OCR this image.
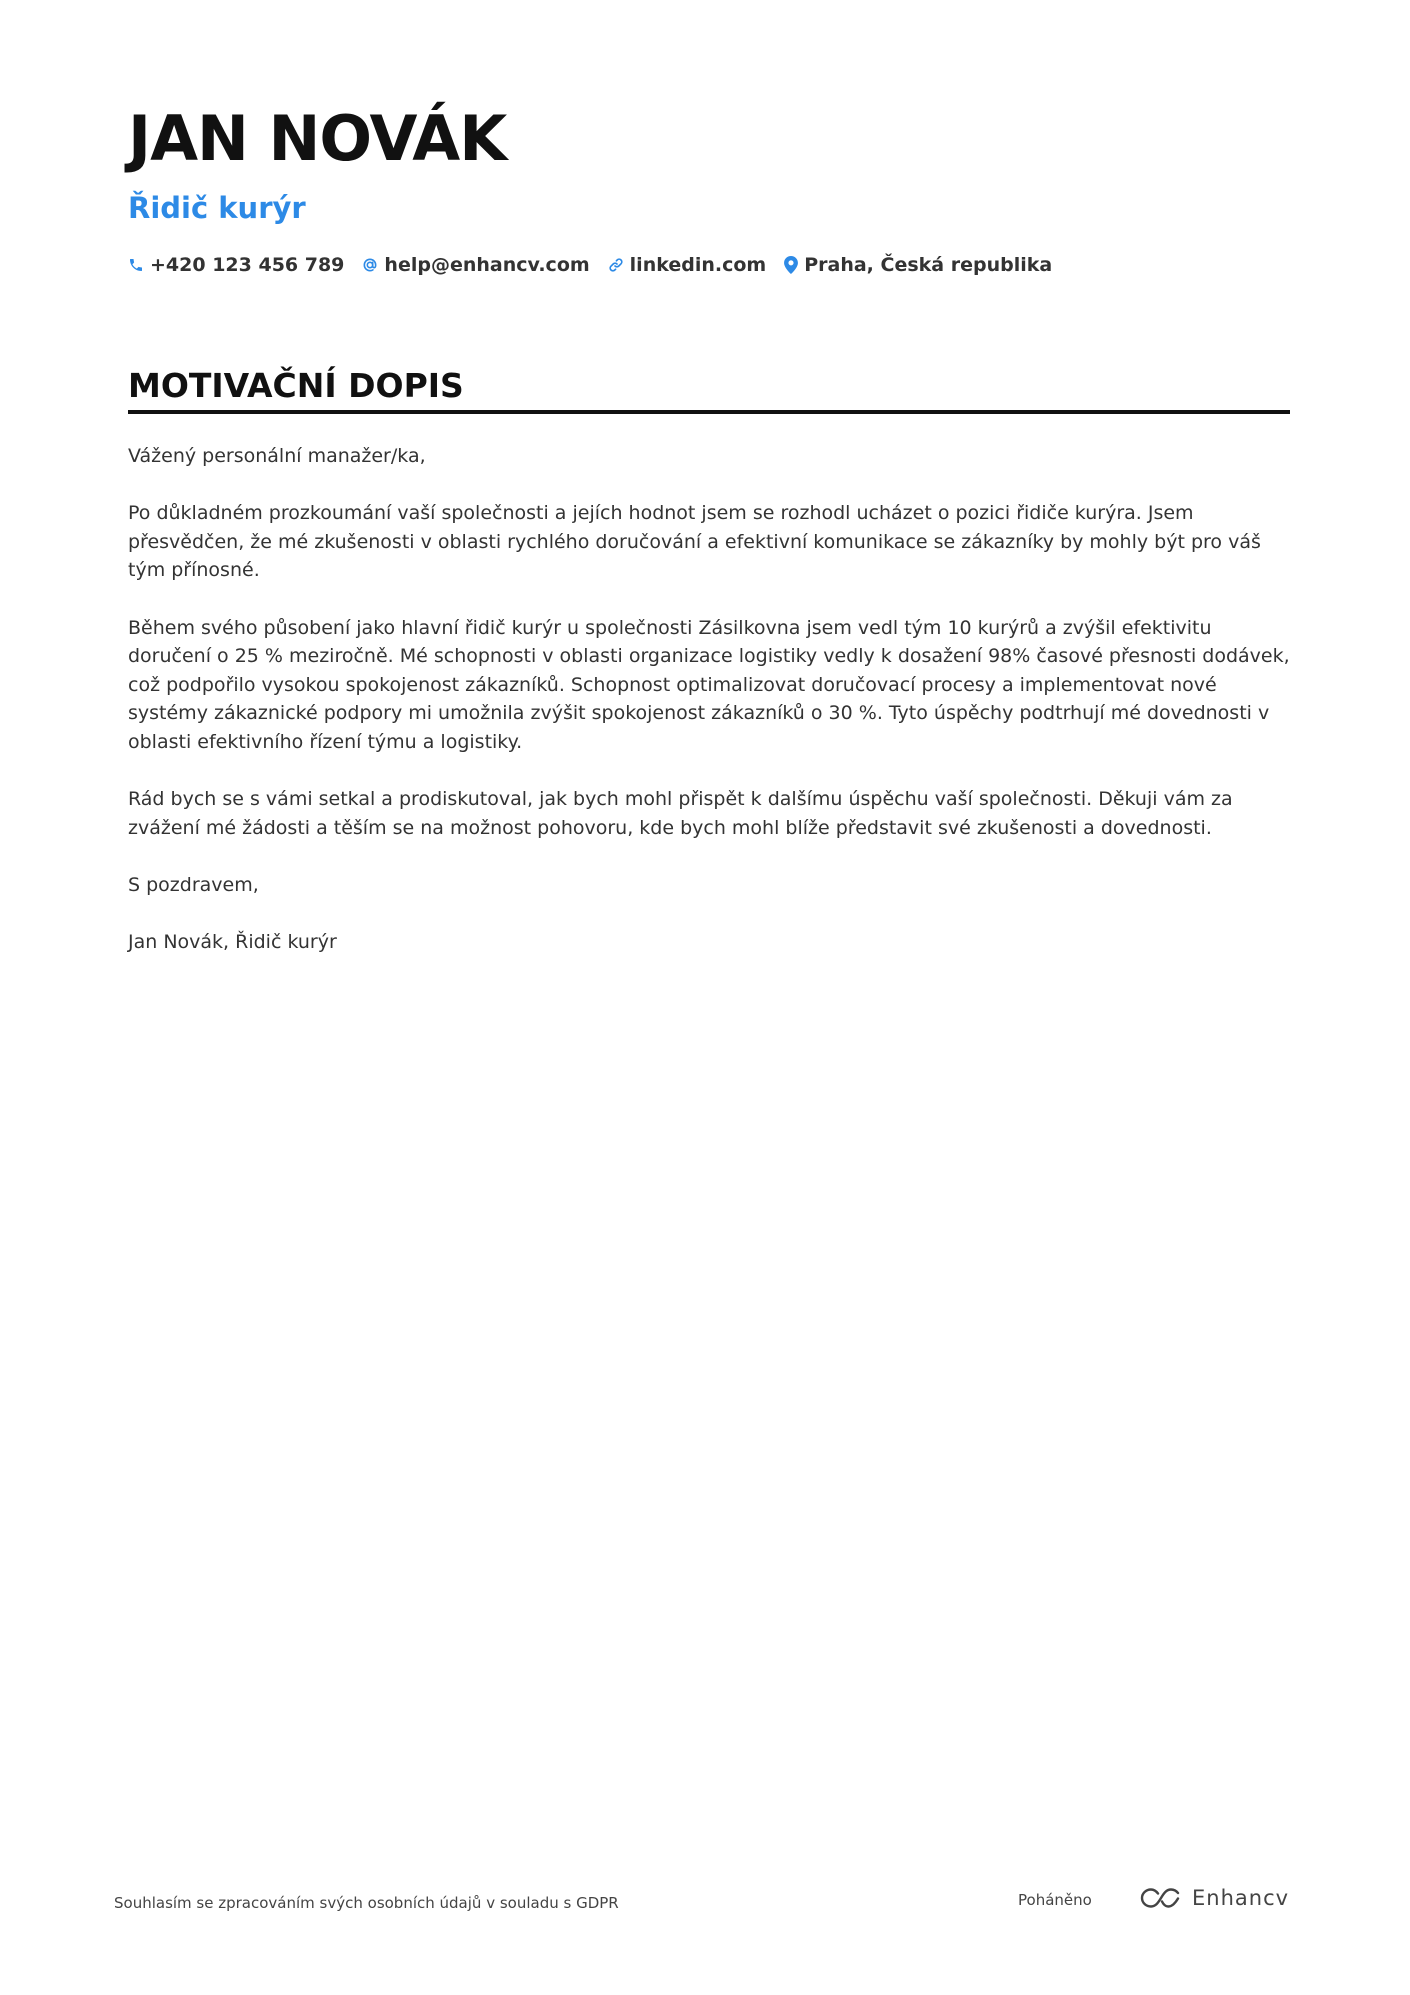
JAN NOVÁK
Řidič kurýr
+420 123 456 789 help@enhancv.com linkedin.com Praha, Česká republika
MOTIVAČNÍ DOPIS

Vážený personální manažer/ka,

Po důkladném prozkoumání vaší společnosti a jejích hodnot jsem se rozhodl ucházet o pozici řidiče kurýra. Jsem přesvědčen, že mé zkušenosti v oblasti rychlého doručování a efektivní komunikace se zákazníky by mohly být pro váš tým přínosné.

Během svého působení jako hlavní řidič kurýr u společnosti Zásilkovna jsem vedl tým 10 kurýrů a zvýšil efektivitu doručení o 25 % meziročně. Mé schopnosti v oblasti organizace logistiky vedly k dosažení 98% časové přesnosti dodávek, což podpořilo vysokou spokojenost zákazníků. Schopnost optimalizovat doručovací procesy a implementovat nové systémy zákaznické podpory mi umožnila zvýšit spokojenost zákazníků o 30 %. Tyto úspěchy podtrhují mé dovednosti v oblasti efektivního řízení týmu a logistiky.

Rád bych se s vámi setkal a prodiskutoval, jak bych mohl přispět k dalšímu úspěchu vaší společnosti. Děkuji vám za zvážení mé žádosti a těším se na možnost pohovoru, kde bych mohl blíže představit své zkušenosti a dovednosti.

S pozdravem,

Jan Novák, Řidič kurýr

Souhlasím se zpracováním svých osobních údajů v souladu s GDPR	Poháněno	Enhancv
